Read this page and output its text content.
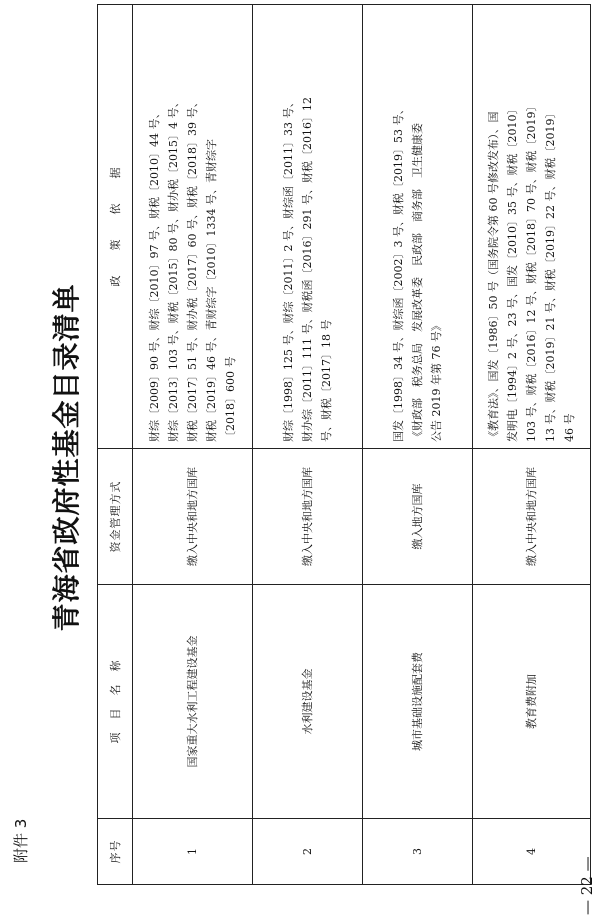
附件 3
青海省政府性基金目录清单
序号	项　目　名　称	资金管理方式	政　　策　　依　　据
1	国家重大水利工程建设基金	缴入中央和地方国库	财综〔2009〕90 号、财综〔2010〕97 号、财税〔2010〕44 号、 财综〔2013〕103 号、财税〔2015〕80 号、财办税〔2015〕4 号、 财税〔2017〕51 号、财办税〔2017〕60 号、财税〔2018〕39 号、 财税〔2019〕46 号、青财综字〔2010〕1334 号、青财综字 〔2018〕600 号

2	水利建设基金	缴入中央和地方国库	财综〔1998〕125 号、财综〔2011〕2 号、财综函〔2011〕33 号、 财办综〔2011〕111 号、财税函〔2016〕291 号、财税〔2016〕12 号、财税〔2017〕18 号

3	城市基础设施配套费	缴入地方国库	国发〔1998〕34 号、财综函〔2002〕3 号、财税〔2019〕53 号、 《财政部　税务总局　发展改革委　民政部　商务部　卫生健康委 公告 2019 年第 76 号》

4	教育费附加	缴入中央和地方国库	《教育法》、国发〔1986〕50 号（国务院令第 60 号修改发布）、国 发明电〔1994〕2 号、23 号、国发〔2010〕35 号、财税〔2010〕 103 号、财税〔2016〕12 号、财税〔2018〕70 号、财税〔2019〕 13 号、财税〔2019〕21 号、财税〔2019〕22 号、财税〔2019〕 46 号
— 22 —
